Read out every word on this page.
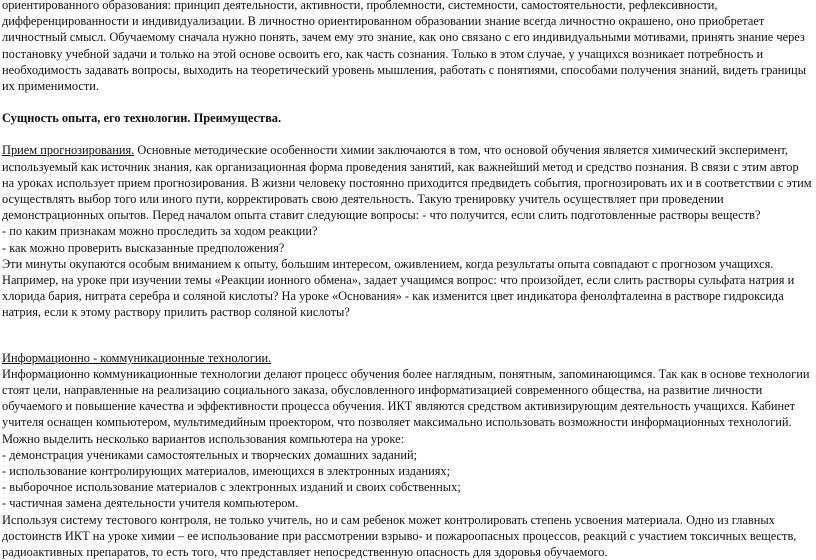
ориентированного образования: принцип деятельности, активности, проблемности, системности, самостоятельности, рефлексивности, дифференцированности и индивидуализации. В личностно ориентированном образовании знание всегда личностно окрашено, оно приобретает личностный смысл. Обучаемому сначала нужно понять, зачем ему это знание, как оно связано с его индивидуальными мотивами, принять знание через постановку учебной задачи и только на этой основе освоить его, как часть сознания. Только в этом случае, у учащихся возникает потребность и необходимость задавать вопросы, выходить на теоретический уровень мышления, работать с понятиями, способами получения знаний, видеть границы их применимости.

Сущность опыта, его технологии. Преимущества.

Прием прогнозирования. Основные методические особенности химии заключаются в том, что основой обучения является химический эксперимент, используемый как источник знания, как организационная форма проведения занятий, как важнейший метод и средство познания. В связи с этим автор на уроках использует прием прогнозирования. В жизни человеку постоянно приходится предвидеть события, прогнозировать их и в соответствии с этим осуществлять выбор того или иного пути, корректировать свою деятельность. Такую тренировку учитель осуществляет при проведении демонстрационных опытов. Перед началом опыта ставит следующие вопросы: - что получится, если слить подготовленные растворы веществ?

- по каким признакам можно проследить за ходом реакции?

- как можно проверить высказанные предположения?

Эти минуты окупаются особым вниманием к опыту, большим интересом, оживлением, когда результаты опыта совпадают с прогнозом учащихся. Например, на уроке при изучении темы «Реакции ионного обмена», задает учащимся вопрос: что произойдет, если слить растворы сульфата натрия и хлорида бария, нитрата серебра и соляной кислоты? На уроке «Основания» - как изменится цвет индикатора фенолфталеина в растворе гидроксида натрия, если к этому раствору прилить раствор соляной кислоты?

Информационно - коммуникационные технологии.

Информационно коммуникационные технологии делают процесс обучения более наглядным, понятным, запоминающимся. Так как в основе технологии стоят цели, направленные на реализацию социального заказа, обусловленного информатизацией современного общества, на развитие личности обучаемого и повышение качества и эффективности процесса обучения. ИКТ являются средством активизирующим деятельность учащихся. Кабинет учителя оснащен компьютером, мультимедийным проектором, что позволяет максимально использовать возможности информационных технологий.

Можно выделить несколько вариантов использования компьютера на уроке:

- демонстрация учениками самостоятельных и творческих домашних заданий;

- использование контролирующих материалов, имеющихся в электронных изданиях;

- выборочное использование материалов с электронных изданий и своих собственных;

- частичная замена деятельности учителя компьютером.

Используя систему тестового контроля, не только учитель, но и сам ребенок может контролировать степень усвоения материала. Одно из главных достоинств ИКТ на уроке химии – ее использование при рассмотрении взрыво- и пожароопасных процессов, реакций с участием токсичных веществ, радиоактивных препаратов, то есть того, что представляет непосредственную опасность для здоровья обучаемого.
